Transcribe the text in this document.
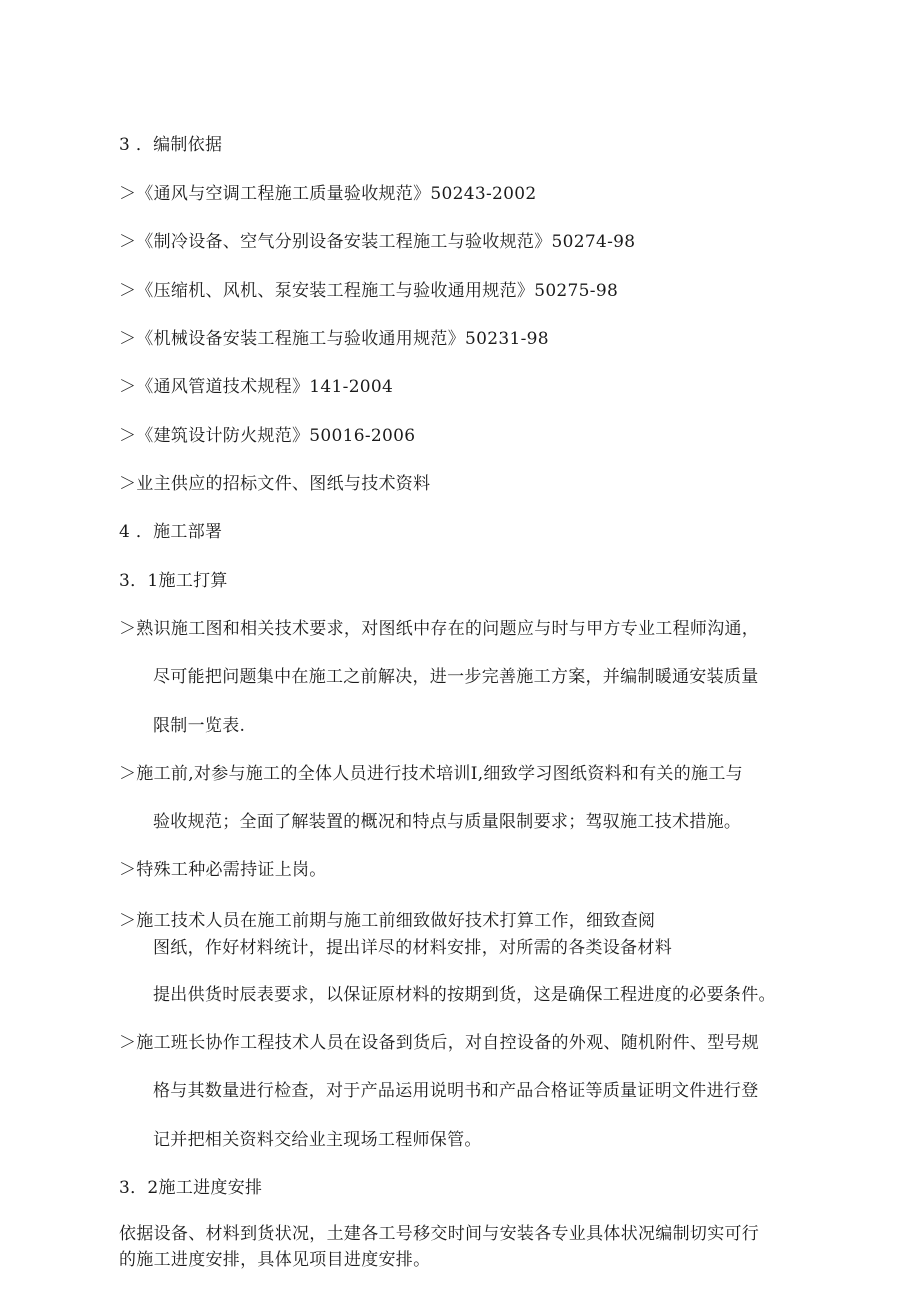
3 ．编制依据
＞《通风与空调工程施工质量验收规范》50243-2002
＞《制冷设备、空气分别设备安装工程施工与验收规范》50274-98
＞《压缩机、风机、泵安装工程施工与验收通用规范》50275-98
＞《机械设备安装工程施工与验收通用规范》50231-98
＞《通风管道技术规程》141-2004
＞《建筑设计防火规范》50016-2006
＞业主供应的招标文件、图纸与技术资料
4 ．施工部署
3．1施工打算
＞熟识施工图和相关技术要求，对图纸中存在的问题应与时与甲方专业工程师沟通，
尽可能把问题集中在施工之前解决，进一步完善施工方案，并编制暖通安装质量
限制一览表.
＞施工前,对参与施工的全体人员进行技术培训I,细致学习图纸资料和有关的施工与
验收规范；全面了解装置的概况和特点与质量限制要求；驾驭施工技术措施。
＞特殊工种必需持证上岗。
＞施工技术人员在施工前期与施工前细致做好技术打算工作，细致查阅
图纸，作好材料统计，提出详尽的材料安排，对所需的各类设备材料
提出供货时辰表要求，以保证原材料的按期到货，这是确保工程进度的必要条件。
＞施工班长协作工程技术人员在设备到货后，对自控设备的外观、随机附件、型号规
格与其数量进行检查，对于产品运用说明书和产品合格证等质量证明文件进行登
记并把相关资料交给业主现场工程师保管。
3．2施工进度安排
依据设备、材料到货状况，土建各工号移交时间与安装各专业具体状况编制切实可行
的施工进度安排，具体见项目进度安排。
